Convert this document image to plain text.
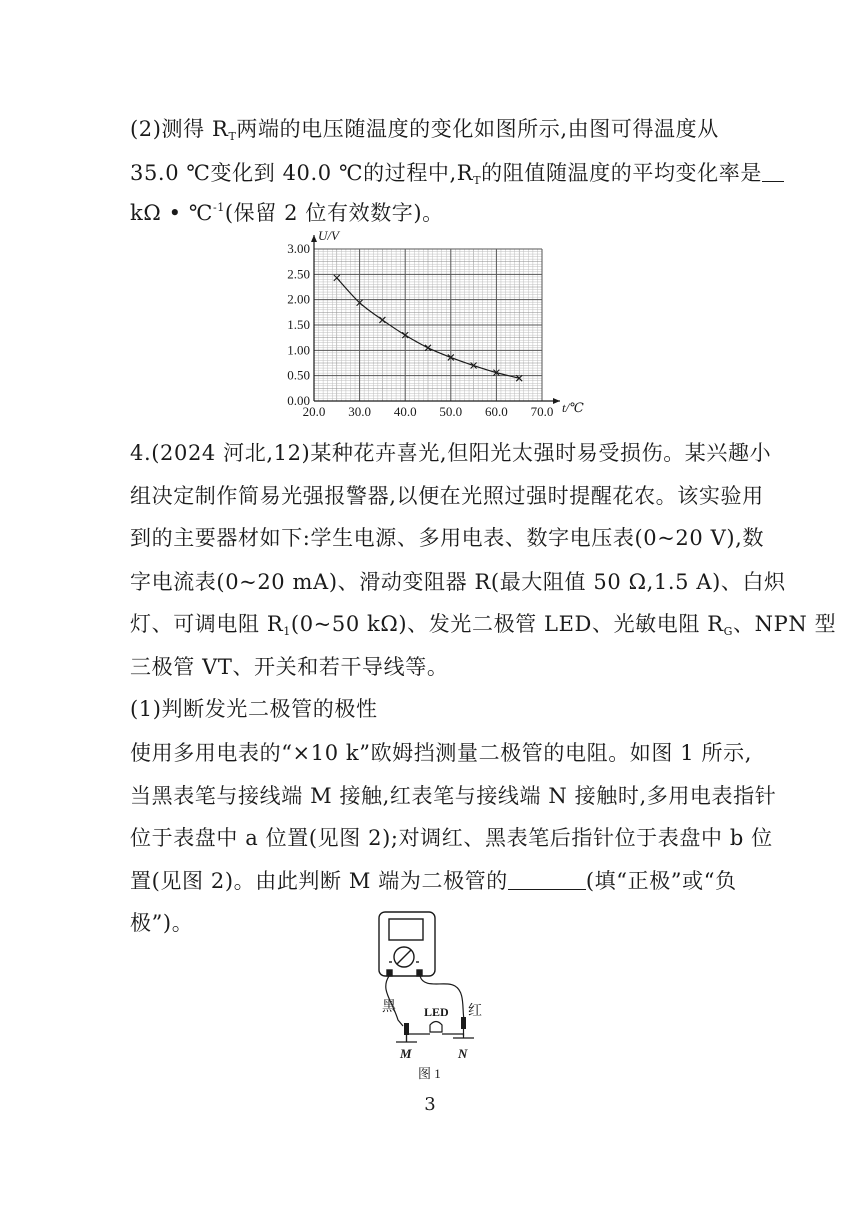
(2)测得 $R_T$两端的电压随温度的变化如图所示,由图可得温度从
35.0 ℃变化到 40.0 ℃的过程中$,R_T$的阻值随温度的平均变化率是
kΩ • ℃$^{-1}$(保留 2 位有效数字)。
0.00
0.50
1.00
1.50
2.00
2.50
3.00
20.0 30.0 40.0 50.0 60.0 70.0
U/V
t/℃
4.(2024 河北,12)某种花卉喜光,但阳光太强时易受损伤。某兴趣小
组决定制作简易光强报警器,以便在光照过强时提醒花农。该实验用
到的主要器材如下:学生电源、多用电表、数字电压表(0~20 V),数
字电流表(0~20 mA)、滑动变阻器 R(最大阻值 50 Ω,1.5 A)、白炽
灯、可调电阻 $R_1(0\sim 50$ kΩ)、发光二极管 LED、光敏电阻 $R_G$、NPN 型
三极管 VT、开关和若干导线等。
(1)判断发光二极管的极性
使用多用电表的“×10 k”欧姆挡测量二极管的电阻。如图 1 所示,
当黑表笔与接线端 M 接触,红表笔与接线端 N 接触时,多用电表指针
位于表盘中 a 位置(见图 2);对调红、黑表笔后指针位于表盘中 b 位
置(见图 2)。由此判断 M 端为二极管的	(填“正极”或“负
极”)。
黑	红
LED
M	N
图 1
3
